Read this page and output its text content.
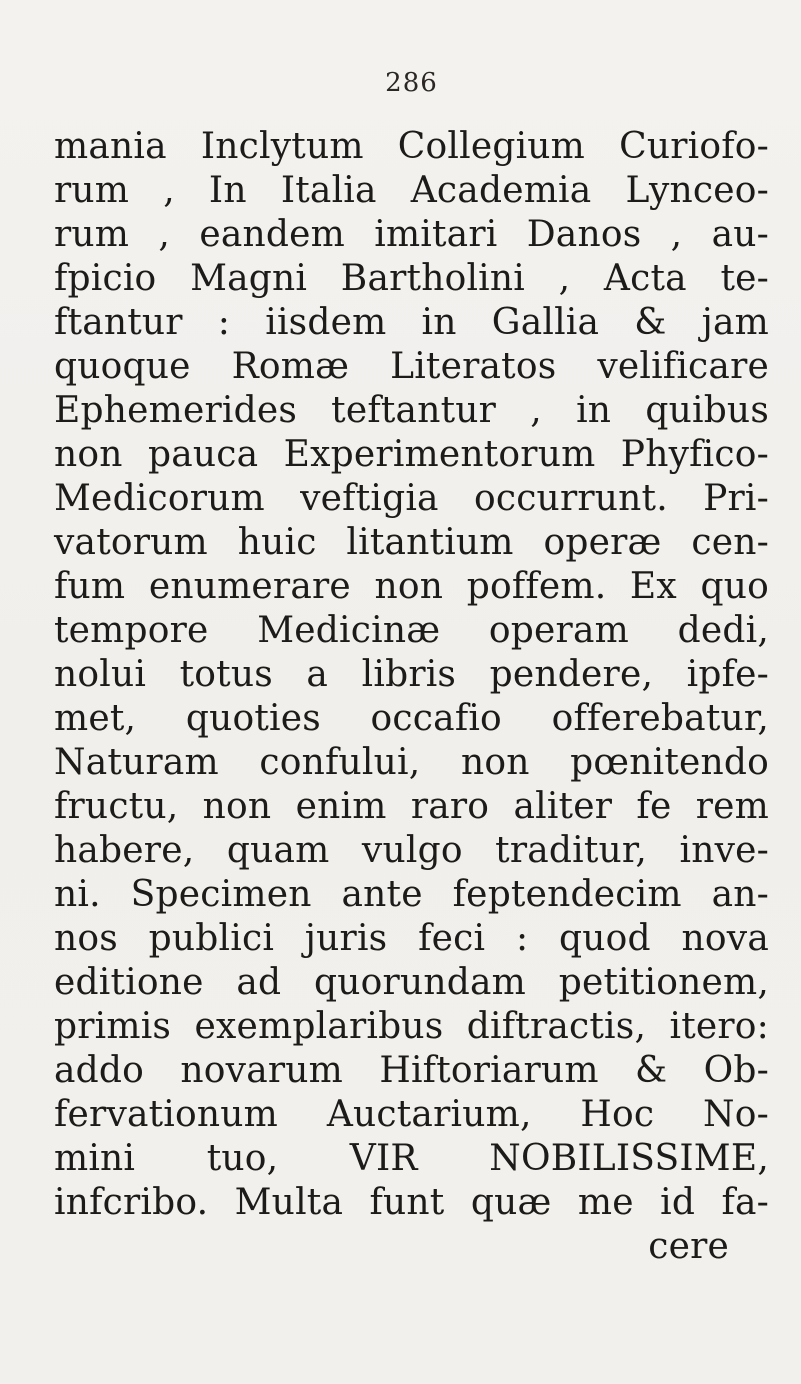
286
mania Inclytum Collegium Curiofo-
rum , In Italia Academia Lynceo-
rum , eandem imitari Danos , au-
fpicio Magni Bartholini , Acta te-
ftantur : iisdem in Gallia & jam
quoque Romæ Literatos velificare
Ephemerides teftantur , in quibus
non pauca Experimentorum Phyfico-
Medicorum veftigia occurrunt. Pri-
vatorum huic litantium operæ cen-
fum enumerare non poffem. Ex quo
tempore Medicinæ operam dedi,
nolui totus a libris pendere, ipfe-
met, quoties occafio offerebatur,
Naturam confului, non pœnitendo
fructu, non enim raro aliter fe rem
habere, quam vulgo traditur, inve-
ni. Specimen ante feptendecim an-
nos publici juris feci : quod nova
editione ad quorundam petitionem,
primis exemplaribus diftractis, itero:
addo novarum Hiftoriarum & Ob-
fervationum Auctarium, Hoc No-
mini tuo, VIR NOBILISSIME,
infcribo. Multa funt quæ me id fa-
cere
